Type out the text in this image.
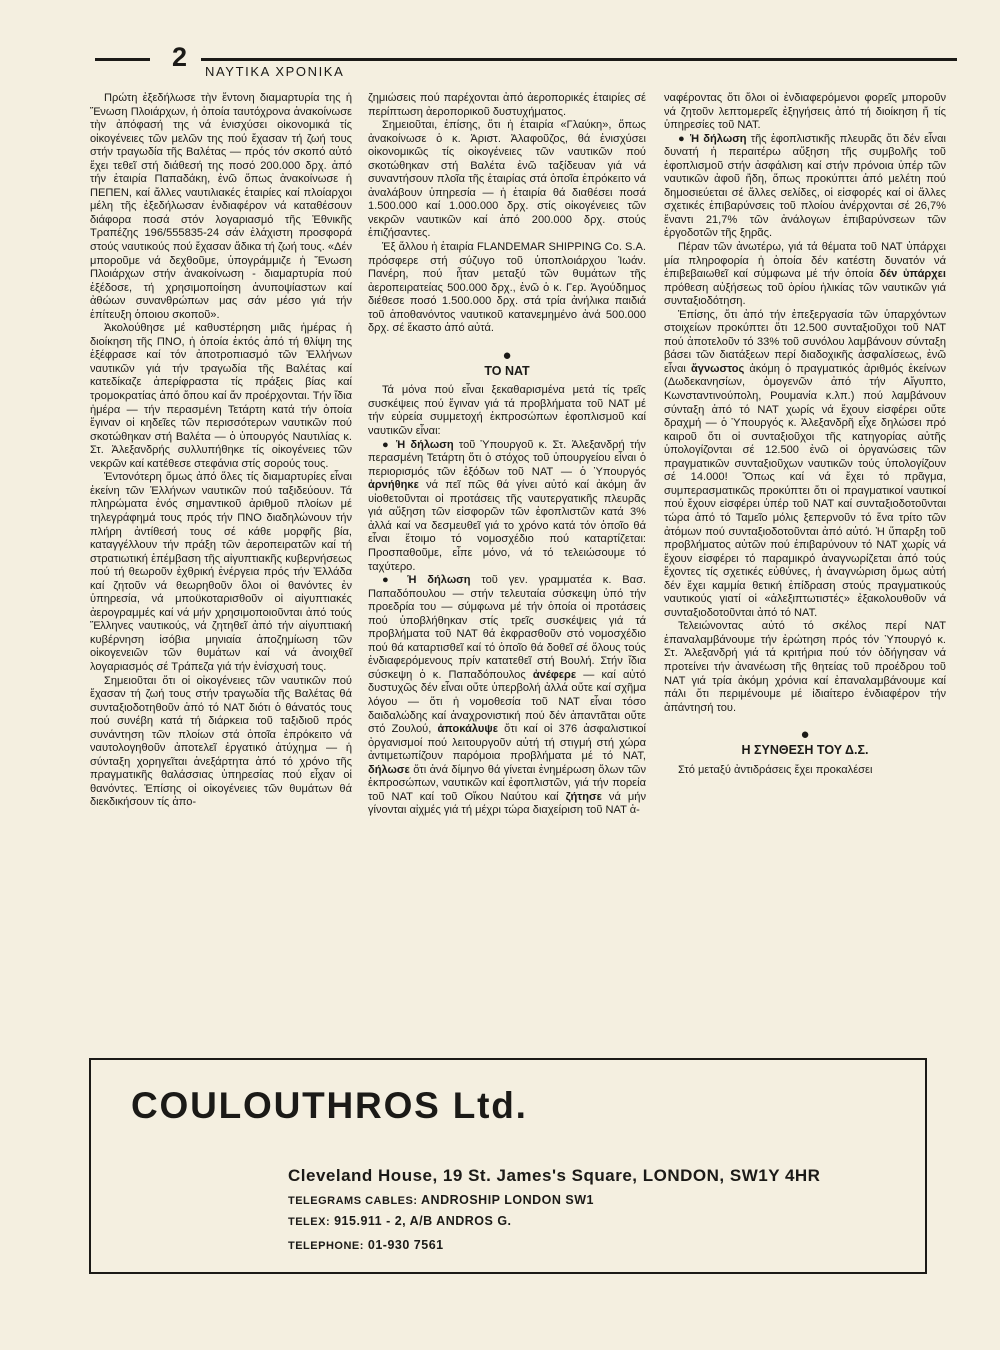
2 ΝΑΥΤΙΚΑ ΧΡΟΝΙΚΑ

Πρώτη ἐξεδήλωσε τὴν ἔντονη διαμαρτυρία της ἡ Ἕνωση Πλοιάρχων, ἡ ὁποία ταυτόχρονα ἀνακοίνωσε τὴν ἀπόφασή της νά ἐνισχύσει οἰκονομικά τίς οἰκογένειες τῶν μελῶν της πού ἔχασαν τή ζωή τους στήν τραγωδία τῆς Βαλέτας — πρός τόν σκοπό αὐτό ἔχει τεθεῖ στή διάθεσή της ποσό 200.000 δρχ. ἀπό τήν ἑταιρία Παπαδάκη, ἐνῶ ὅπως ἀνακοίνωσε ἡ ΠΕΠΕΝ, καί ἄλλες ναυτιλιακές ἑταιρίες καί πλοίαρχοι μέλη τῆς ἐξεδήλωσαν ἐνδιαφέρον νά καταθέσουν διάφορα ποσά στόν λογαριασμό τῆς Ἐθνικῆς Τραπέζης 196/555835-24 σάν ἐλάχιστη προσφορά στούς ναυτικούς πού ἔχασαν ἄδικα τή ζωή τους. «Δέν μποροῦμε νά δεχθοῦμε, ὑπογράμμιζε ἡ Ἕνωση Πλοιάρχων στήν ἀνακοίνωση - διαμαρτυρία πού ἐξέδοσε, τή χρησιμοποίηση ἀνυποψίαστων καί ἀθώων συνανθρώπων μας σάν μέσο γιά τήν ἐπίτευξη ὁποιου σκοποῦ».

Ἀκολούθησε μέ καθυστέρηση μιᾶς ἡμέρας ἡ διοίκηση τῆς ΠΝΟ, ἡ ὁποία ἐκτός ἀπό τή θλίψη της ἐξέφρασε καί τόν ἀποτροπιασμό τῶν Ἑλλήνων ναυτικῶν γιά τήν τραγωδία τῆς Βαλέτας καί κατεδίκαζε ἀπερίφραστα τίς πράξεις βίας καί τρομοκρατίας ἀπό ὅπου καί ἄν προέρχονται. Τήν ἴδια ἡμέρα — τήν περασμένη Τετάρτη κατά τήν ὁποία ἔγιναν οἱ κηδεῖες τῶν περισσότερων ναυτικῶν πού σκοτώθηκαν στή Βαλέτα — ὁ ὑπουργός Ναυτιλίας κ. Στ. Ἀλεξανδρής συλλυπήθηκε τίς οἰκογένειες τῶν νεκρῶν καί κατέθεσε στεφάνια στίς σορούς τους.

Ἐντονότερη ὅμως ἀπό ὅλες τίς διαμαρτυρίες εἶναι ἐκείνη τῶν Ἑλλήνων ναυτικῶν πού ταξιδεύουν. Τά πληρώματα ἑνός σημαντικοῦ ἀριθμοῦ πλοίων μέ τηλεγράφημά τους πρός τήν ΠΝΟ διαδηλώνουν τήν πλήρη ἀντίθεσή τους σέ κάθε μορφῆς βία, καταγγέλλουν τήν πράξη τῶν ἀεροπειρατῶν καί τή στρατιωτική ἐπέμβαση τῆς αἰγυπτιακῆς κυβερνήσεως πού τή θεωροῦν ἐχθρική ἐνέργεια πρός τήν Ἑλλάδα καί ζητοῦν νά θεωρηθοῦν ὅλοι οἱ θανόντες ἐν ὑπηρεσία, νά μποϋκοταρισθοῦν οἱ αἰγυπτιακές ἀερογραμμές καί νά μήν χρησιμοποιοῦνται ἀπό τούς Ἕλληνες ναυτικούς, νά ζητηθεῖ ἀπό τήν αἰγυπτιακή κυβέρνηση ἰσόβια μηνιαία ἀποζημίωση τῶν οἰκογενειῶν τῶν θυμάτων καί νά ἀνοιχθεῖ λογαριασμός σέ Τράπεζα γιά τήν ἐνίσχυσή τους.

Σημειοῦται ὅτι οἱ οἰκογένειες τῶν ναυτικῶν πού ἔχασαν τή ζωή τους στήν τραγωδία τῆς Βαλέτας θά συνταξιοδοτηθοῦν ἀπό τό ΝΑΤ διότι ὁ θάνατός τους πού συνέβη κατά τή διάρκεια τοῦ ταξιδιοῦ πρός συνάντηση τῶν πλοίων στά ὁποῖα ἐπρόκειτο νά ναυτολογηθοῦν ἀποτελεῖ ἐργατικό ἀτύχημα — ἡ σύνταξη χορηγεῖται ἀνεξάρτητα ἀπό τό χρόνο τῆς πραγματικῆς θαλάσσιας ὑπηρεσίας πού εἶχαν οἱ θανόντες. Ἐπίσης οἱ οἰκογένειες τῶν θυμάτων θά διεκδικήσουν τίς ἀπο-

ζημιώσεις πού παρέχονται ἀπό ἀεροπορικές ἑταιρίες σέ περίπτωση ἀεροπορικοῦ δυστυχήματος.

Σημειοῦται, ἐπίσης, ὅτι ἡ ἑταιρία «Γλαύκη», ὅπως ἀνακοίνωσε ὁ κ. Ἀριστ. Ἀλαφοῦζος, θά ἐνισχύσει οἰκονομικῶς τίς οἰκογένειες τῶν ναυτικῶν πού σκοτώθηκαν στή Βαλέτα ἐνῶ ταξίδευαν γιά νά συναντήσουν πλοῖα τῆς ἑταιρίας στά ὁποῖα ἐπρόκειτο νά ἀναλάβουν ὑπηρεσία — ἡ ἑταιρία θά διαθέσει ποσά 1.500.000 καί 1.000.000 δρχ. στίς οἰκογένειες τῶν νεκρῶν ναυτικῶν καί ἀπό 200.000 δρχ. στούς ἐπιζήσαντες.

Ἐξ ἄλλου ἡ ἑταιρία FLANDEMAR SHIPPING Co. S.A. πρόσφερε στή σύζυγο τοῦ ὑποπλοιάρχου Ἰωάν. Πανέρη, πού ἦταν μεταξύ τῶν θυμάτων τῆς ἀεροπειρατείας 500.000 δρχ., ἐνῶ ὁ κ. Γερ. Ἀγούδημος διέθεσε ποσό 1.500.000 δρχ. στά τρία ἀνήλικα παιδιά τοῦ ἀποθανόντος ναυτικοῦ κατανεμημένο ἀνά 500.000 δρχ. σέ ἕκαστο ἀπό αὐτά.

●
ΤΟ ΝΑΤ

Τά μόνα πού εἶναι ξεκαθαρισμένα μετά τίς τρεῖς συσκέψεις πού ἔγιναν γιά τά προβλήματα τοῦ ΝΑΤ μέ τήν εὐρεία συμμετοχή ἐκπροσώπων ἐφοπλισμοῦ καί ναυτικῶν εἶναι:

● Ἡ δήλωση τοῦ Ὑπουργοῦ κ. Στ. Ἀλεξανδρή τήν περασμένη Τετάρτη ὅτι ὁ στόχος τοῦ ὑπουργείου εἶναι ὁ περιορισμός τῶν ἐξόδων τοῦ ΝΑΤ — ὁ Ὑπουργός ἀρνήθηκε νά πεῖ πῶς θά γίνει αὐτό καί ἀκόμη ἄν υἱοθετοῦνται οἱ προτάσεις τῆς ναυτεργατικῆς πλευρᾶς γιά αὔξηση τῶν εἰσφορῶν τῶν ἐφοπλιστῶν κατά 3% ἀλλά καί να δεσμευθεῖ γιά το χρόνο κατά τόν ὁποῖο θά εἶναι ἕτοιμο τό νομοσχέδιο πού καταρτίζεται: Προσπαθοῦμε, εἶπε μόνο, νά τό τελειώσουμε τό ταχύτερο.

● Ἡ δήλωση τοῦ γεν. γραμματέα κ. Βασ. Παπαδόπουλου — στήν τελευταία σύσκεψη ὑπό τήν προεδρία του — σύμφωνα μέ τήν ὁποία οἱ προτάσεις πού ὑποβλήθηκαν στίς τρεῖς συσκέψεις γιά τά προβλήματα τοῦ ΝΑΤ θά ἐκφρασθοῦν στό νομοσχέδιο πού θά καταρτισθεῖ καί τό ὁποῖο θά δοθεῖ σέ ὅλους τούς ἐνδιαφερόμενους πρίν κατατεθεῖ στή Βουλή. Στήν ἴδια σύσκεψη ὁ κ. Παπαδόπουλος ἀνέφερε — καί αὐτό δυστυχῶς δέν εἶναι οὔτε ὑπερβολή ἀλλά οὔτε καί σχῆμα λόγου — ὅτι ἡ νομοθεσία τοῦ ΝΑΤ εἶναι τόσο δαιδαλώδης καί ἀναχρονιστική πού δέν ἀπαντᾶται οὔτε στό Ζουλού, ἀποκάλυψε ὅτι καί οἱ 376 ἀσφαλιστικοί ὀργανισμοί πού λειτουργοῦν αὐτή τή στιγμή στή χώρα ἀντιμετωπίζουν παρόμοια προβλήματα μέ τό ΝΑΤ, δήλωσε ὅτι ἀνά δίμηνο θά γίνεται ἐνημέρωση ὅλων τῶν ἐκπροσώπων, ναυτικῶν καί ἐφοπλιστῶν, γιά τήν πορεία τοῦ ΝΑΤ καί τοῦ Οἴκου Ναύτου καί ζήτησε νά μήν γίνονται αἰχμές γιά τή μέχρι τώρα διαχείριση τοῦ ΝΑΤ ἀ-

ναφέροντας ὅτι ὅλοι οἱ ἐνδιαφερόμενοι φορεῖς μποροῦν νά ζητοῦν λεπτομερεῖς ἐξηγήσεις ἀπό τή διοίκηση ἤ τίς ὑπηρεσίες τοῦ ΝΑΤ.

● Ἡ δήλωση τῆς ἐφοπλιστικῆς πλευρᾶς ὅτι δέν εἶναι δυνατή ἡ περαιτέρω αὔξηση τῆς συμβολῆς τοῦ ἐφοπλισμοῦ στήν ἀσφάλιση καί στήν πρόνοια ὑπέρ τῶν ναυτικῶν ἀφοῦ ἤδη, ὅπως προκύπτει ἀπό μελέτη πού δημοσιεύεται σέ ἄλλες σελίδες, οἱ εἰσφορές καί οἱ ἄλλες σχετικές ἐπιβαρύνσεις τοῦ πλοίου ἀνέρχονται σέ 26,7% ἔναντι 21,7% τῶν ἀνάλογων ἐπιβαρύνσεων τῶν ἐργοδοτῶν τῆς ξηρᾶς.

Πέραν τῶν ἀνωτέρω, γιά τά θέματα τοῦ ΝΑΤ ὑπάρχει μία πληροφορία ἡ ὁποία δέν κατέστη δυνατόν νά ἐπιβεβαιωθεῖ καί σύμφωνα μέ τήν ὁποία δέν ὑπάρχει πρόθεση αὐξήσεως τοῦ ὁρίου ἡλικίας τῶν ναυτικῶν γιά συνταξιοδότηση.

Ἐπίσης, ὅτι ἀπό τήν ἐπεξεργασία τῶν ὑπαρχόντων στοιχείων προκύπτει ὅτι 12.500 συνταξιοῦχοι τοῦ ΝΑΤ πού ἀποτελοῦν τό 33% τοῦ συνόλου λαμβάνουν σύνταξη βάσει τῶν διατάξεων περί διαδοχικῆς ἀσφαλίσεως, ἐνῶ εἶναι ἄγνωστος ἀκόμη ὁ πραγματικός ἀριθμός ἐκείνων (Δωδεκανησίων, ὁμογενῶν ἀπό τήν Αἴγυπτο, Κωνσταντινούπολη, Ρουμανία κ.λπ.) πού λαμβάνουν σύνταξη ἀπό τό ΝΑΤ χωρίς νά ἔχουν εἰσφέρει οὔτε δραχμή — ὁ Ὑπουργός κ. Ἀλεξανδρῆ εἶχε δηλώσει πρό καιροῦ ὅτι οἱ συνταξιοῦχοι τῆς κατηγορίας αὐτῆς ὑπολογίζονται σέ 12.500 ἐνῶ οἱ ὀργανώσεις τῶν πραγματικῶν συνταξιοῦχων ναυτικῶν τούς ὑπολογίζουν σέ 14.000! Ὅπως καί νά ἔχει τό πρᾶγμα, συμπερασματικῶς προκύπτει ὅτι οἱ πραγματικοί ναυτικοί πού ἔχουν εἰσφέρει ὑπέρ τοῦ ΝΑΤ καί συνταξιοδοτοῦνται τώρα ἀπό τό Ταμεῖο μόλις ξεπερνοῦν τό ἕνα τρίτο τῶν ἀτόμων πού συνταξιοδοτοῦνται ἀπό αὐτό. Ἡ ὕπαρξη τοῦ προβλήματος αὐτῶν πού ἐπιβαρύνουν τό ΝΑΤ χωρίς νά ἔχουν εἰσφέρει τό παραμικρό ἀναγνωρίζεται ἀπό τούς ἔχοντες τίς σχετικές εὐθύνες, ἡ ἀναγνώριση ὅμως αὐτή δέν ἔχει καμμία θετική ἐπίδραση στούς πραγματικούς ναυτικούς γιατί οἱ «ἀλεξιπτωτιστές» ἐξακολουθοῦν νά συνταξιοδοτοῦνται ἀπό τό ΝΑΤ.

Τελειώνοντας αὐτό τό σκέλος περί ΝΑΤ ἐπαναλαμβάνουμε τήν ἐρώτηση πρός τόν Ὑπουργό κ. Στ. Ἀλεξανδρή γιά τά κριτήρια πού τόν ὁδήγησαν νά προτείνει τήν ἀνανέωση τῆς θητείας τοῦ προέδρου τοῦ ΝΑΤ γιά τρία ἀκόμη χρόνια καί ἐπαναλαμβάνουμε καί πάλι ὅτι περιμένουμε μέ ἰδιαίτερο ἐνδιαφέρον τήν ἀπάντησή του.

●
Η ΣΥΝΘΕΣΗ ΤΟΥ Δ.Σ.

Στό μεταξύ ἀντιδράσεις ἔχει προκαλέσει

COULOUTHROS Ltd.
Cleveland House, 19 St. James's Square, LONDON, SW1Y 4HR
TELEGRAMS CABLES: ANDROSHIP LONDON SW1
TELEX: 915.911 - 2, A/B ANDROS G.
TELEPHONE: 01-930 7561
